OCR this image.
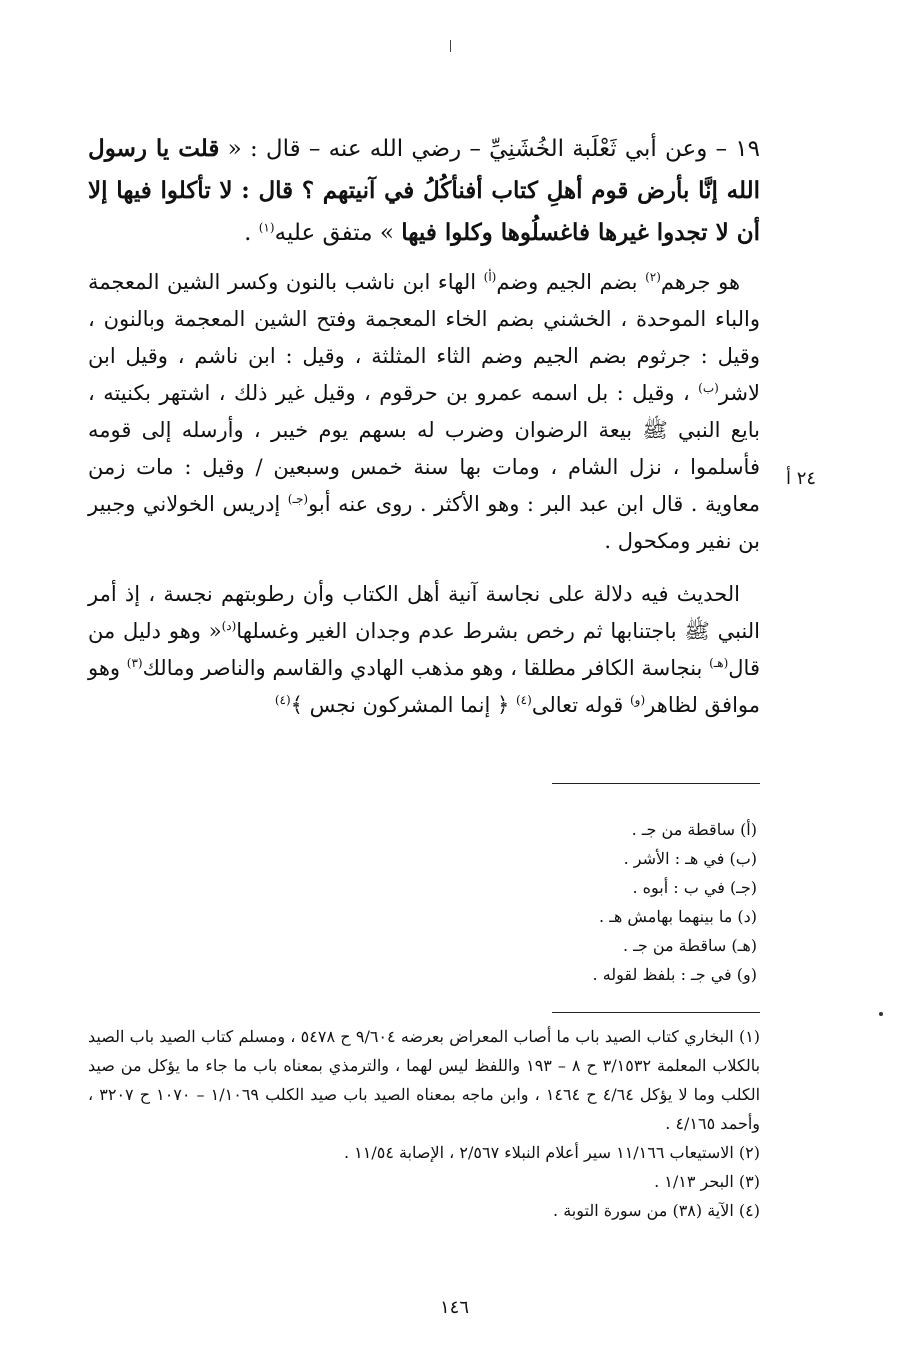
١٩ – وعن أبي ثَعْلَبة الخُشَنِيِّ – رضي الله عنه – قال : « قلت يا رسول الله إنَّا بأرض قوم أهلِ كتاب أفنأكُلُ في آنيتهم ؟ قال : لا تأكلوا فيها إلا أن لا تجدوا غيرها فاغسلُوها وكلوا فيها » متفق عليه$^{(١)}$ .

هو جرهم$^{(٢)}$ بضم الجيم وضم$^{(أ)}$ الهاء ابن ناشب بالنون وكسر الشين المعجمة والباء الموحدة ، الخشني بضم الخاء المعجمة وفتح الشين المعجمة وبالنون ، وقيل : جرثوم بضم الجيم وضم الثاء المثلثة ، وقيل : ابن ناشم ، وقيل ابن لاشر$^{(ب)}$ ، وقيل : بل اسمه عمرو بن حرقوم ، وقيل غير ذلك ، اشتهر بكنيته ، بايع النبي ﷺ بيعة الرضوان وضرب له بسهم يوم خيبر ، وأرسله إلى قومه فأسلموا ، نزل الشام ، ومات بها سنة خمس وسبعين / وقيل : مات زمن معاوية . قال ابن عبد البر : وهو الأكثر . روى عنه أبو$^{(جـ)}$ إدريس الخولاني وجبير بن نفير ومكحول .

الحديث فيه دلالة على نجاسة آنية أهل الكتاب وأن رطوبتهم نجسة ، إذ أمر النبي ﷺ باجتنابها ثم رخص بشرط عدم وجدان الغير وغسلها$^{(د)}$« وهو دليل من قال$^{(هـ)}$ بنجاسة الكافر مطلقا ، وهو مذهب الهادي والقاسم والناصر ومالك$^{(٣)}$ وهو موافق لظاهر$^{(و)}$ قوله تعالى$^{(٤)}$ ﴿ إنما المشركون نجس ﴾$^{(٤)}$

٢٤ أ
(أ) ساقطة من جـ .
(ب) في هـ : الأشر .
(جـ) في ب : أبوه .
(د) ما بينهما بهامش هـ .
(هـ) ساقطة من جـ .
(و) في جـ : بلفظ لقوله .
(١) البخاري كتاب الصيد باب ما أصاب المعراض بعرضه ٩/٦٠٤ ح ٥٤٧٨ ، ومسلم كتاب الصيد باب الصيد بالكلاب المعلمة ٣/١٥٣٢ ح ٨ – ١٩٣ واللفظ ليس لهما ، والترمذي بمعناه باب ما جاء ما يؤكل من صيد الكلب وما لا يؤكل ٤/٦٤ ح ١٤٦٤ ، وابن ماجه بمعناه الصيد باب صيد الكلب ١/١٠٦٩ – ١٠٧٠ ح ٣٢٠٧ ، وأحمد ٤/١٦٥ .
(٢) الاستيعاب ١١/١٦٦ سير أعلام النبلاء ٢/٥٦٧ ، الإصابة ١١/٥٤ .
(٣) البحر ١/١٣ .
(٤) الآية (٣٨) من سورة التوبة .
١٤٦
